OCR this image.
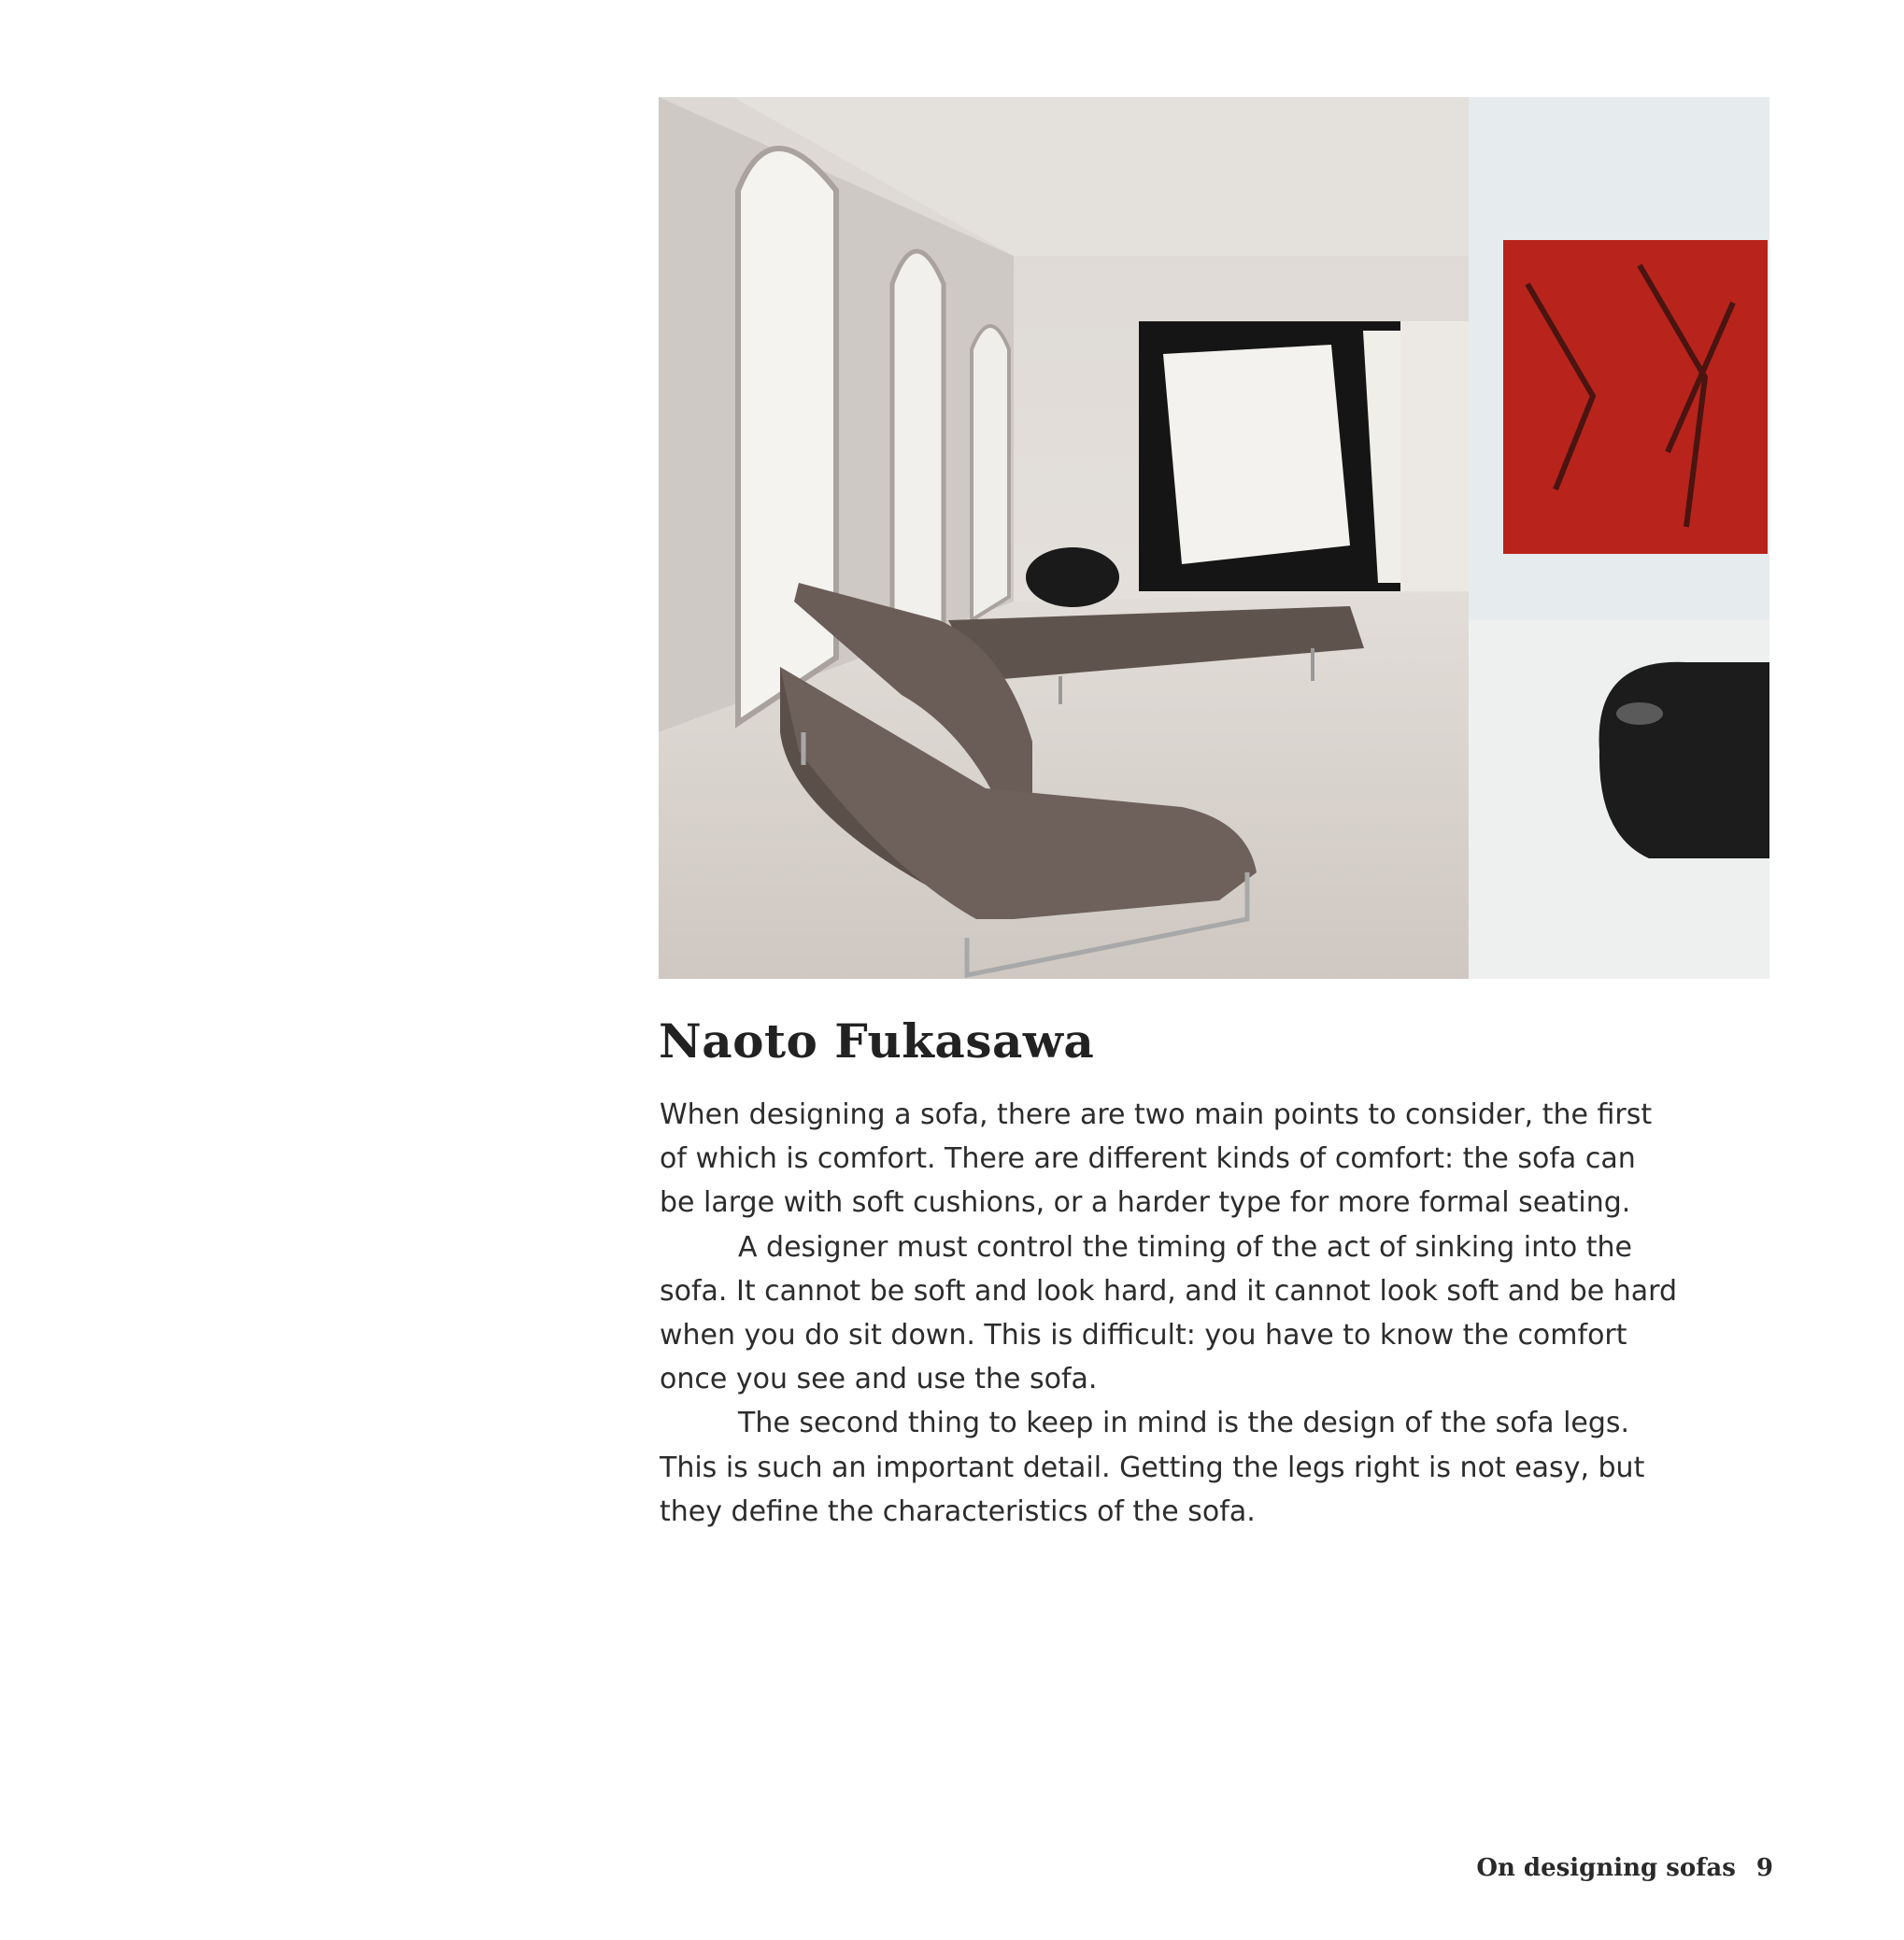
Naoto Fukasawa
When designing a sofa, there are two main points to consider, the first
of which is comfort. There are different kinds of comfort: the sofa can
be large with soft cushions, or a harder type for more formal seating.
A designer must control the timing of the act of sinking into the
sofa. It cannot be soft and look hard, and it cannot look soft and be hard
when you do sit down. This is difficult: you have to know the comfort
once you see and use the sofa.
The second thing to keep in mind is the design of the sofa legs.
This is such an important detail. Getting the legs right is not easy, but
they define the characteristics of the sofa.
On designing sofas 9
